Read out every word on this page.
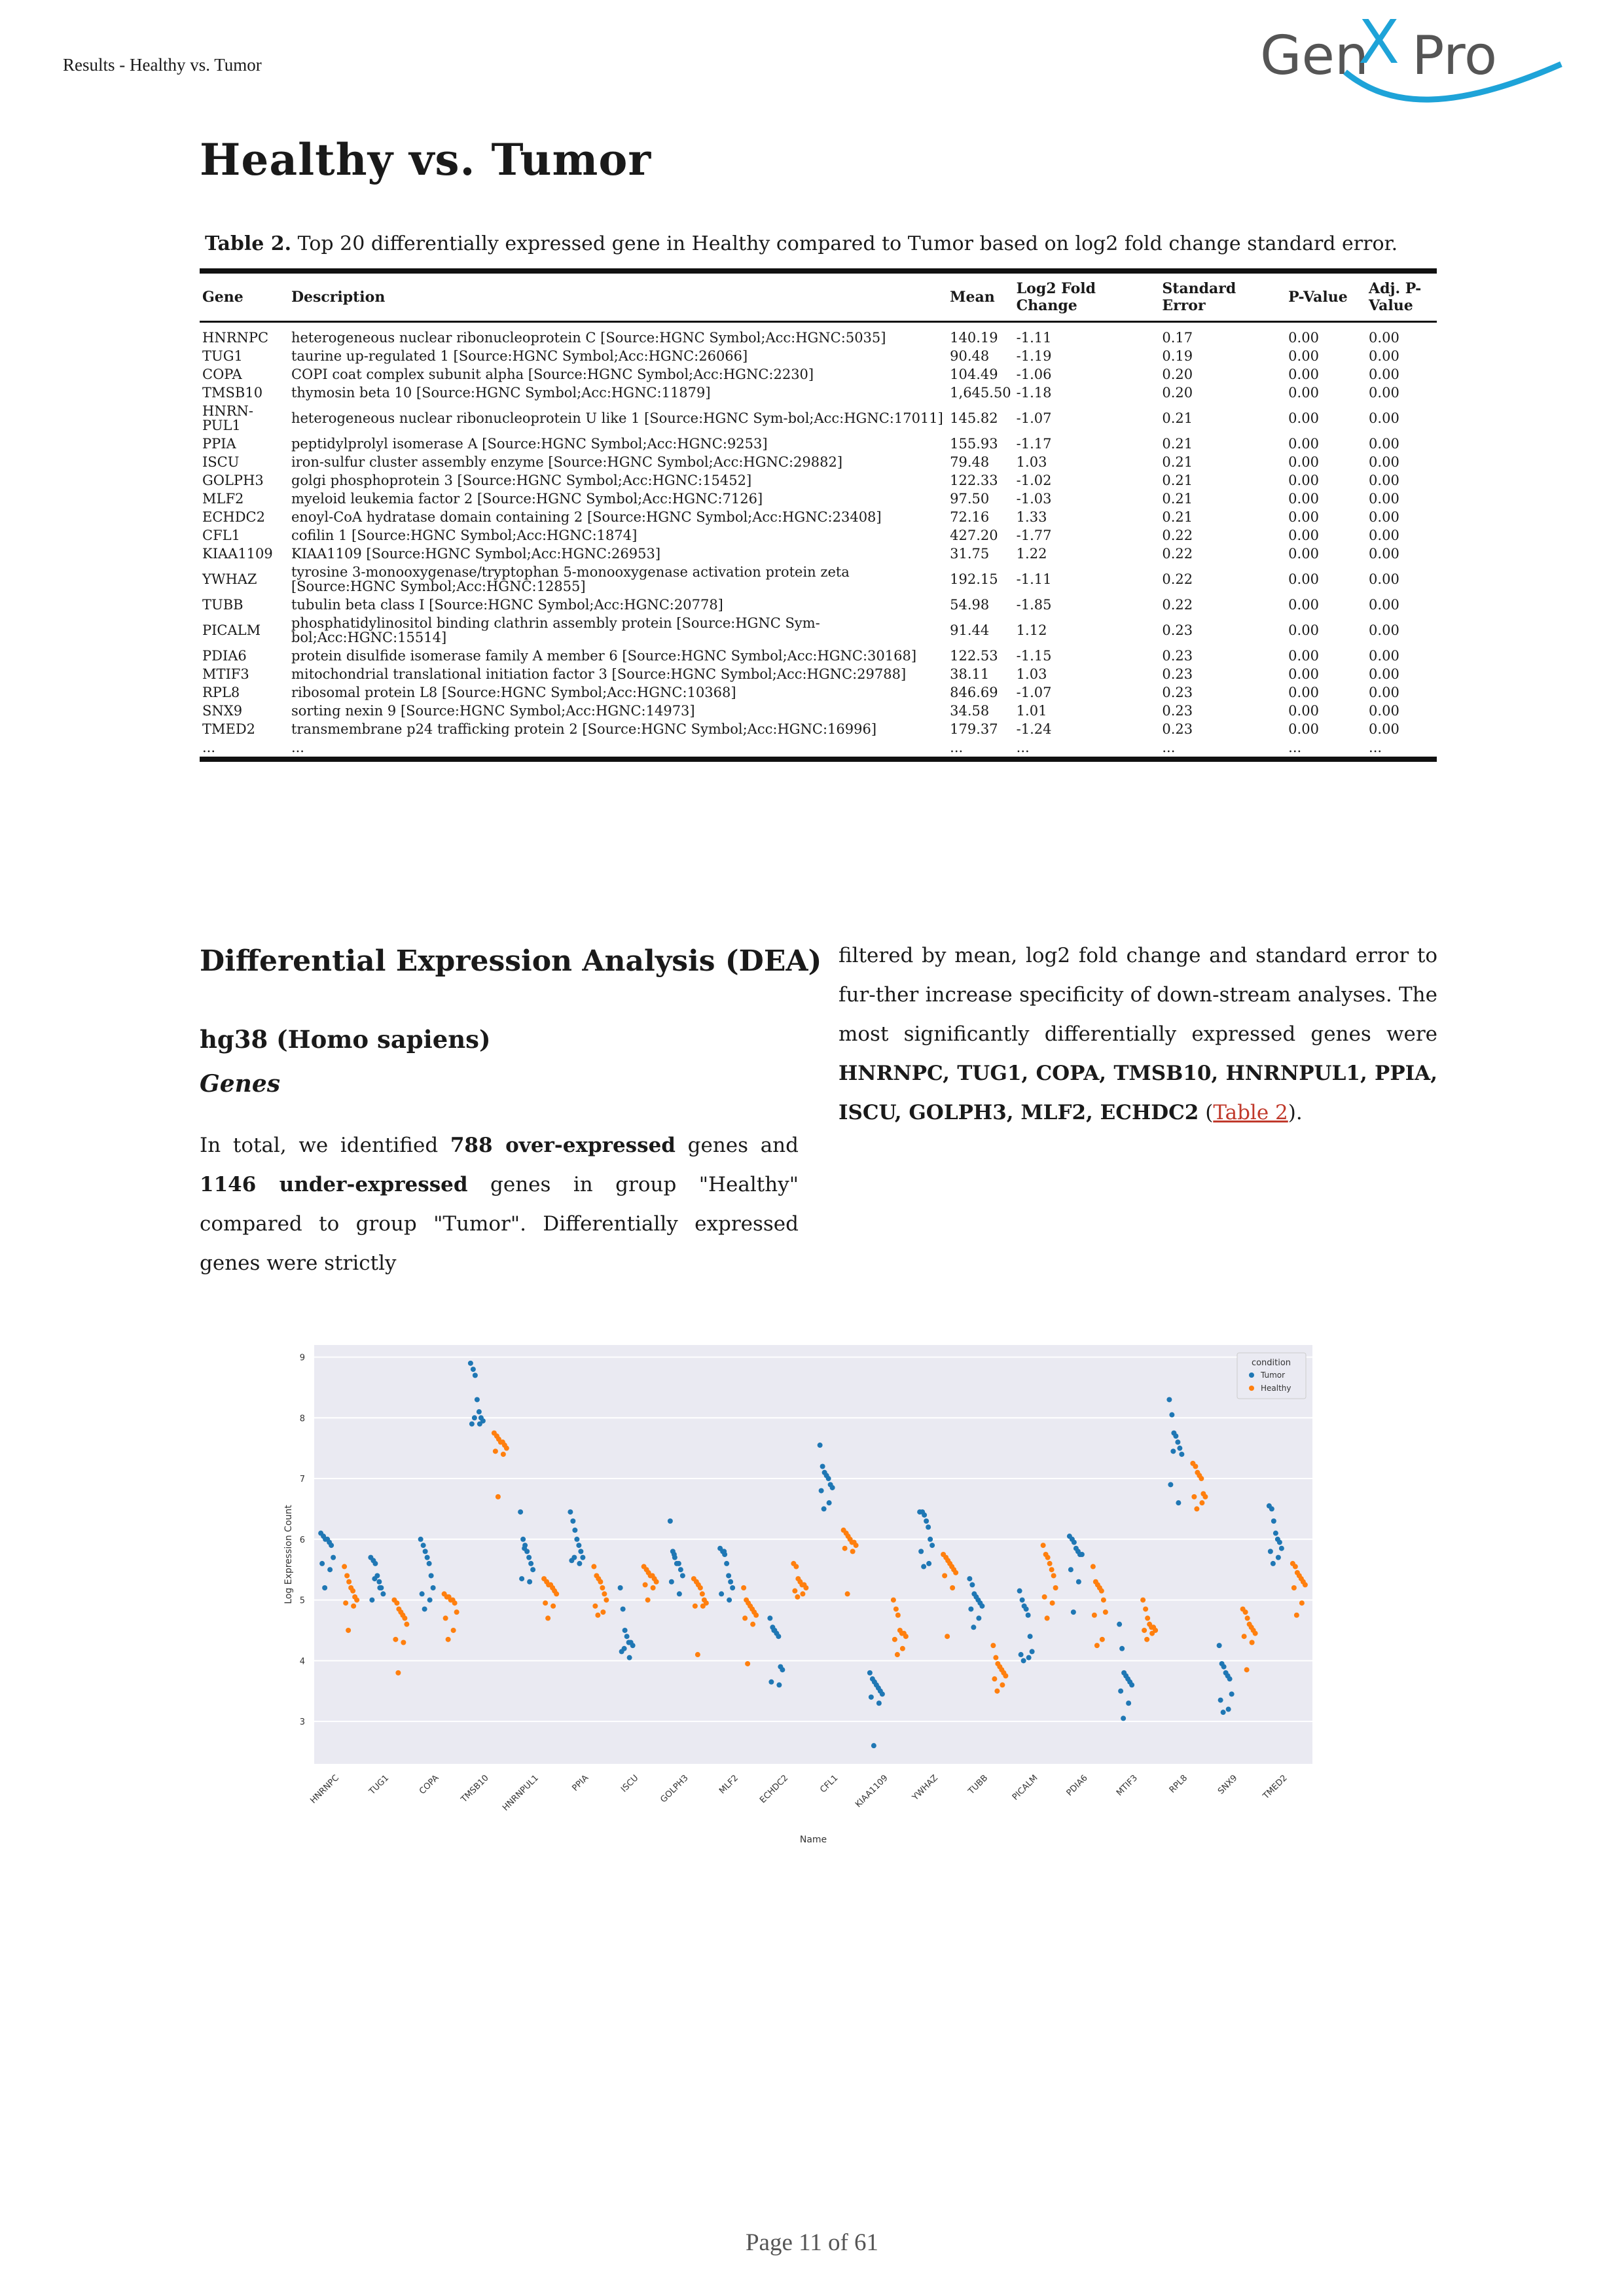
Results - Healthy vs. Tumor	Gen
X Pro
Healthy vs. Tumor
Table 2. Top 20 differentially expressed gene in Healthy compared to Tumor based on log2 fold change standard error.
Gene	Description	Mean	Log2 Fold Change	Standard Error	P-Value	Adj. P-Value
HNRNPC	heterogeneous nuclear ribonucleoprotein C [Source:HGNC Symbol;Acc:HGNC:5035]	140.19	-1.11	0.17	0.00	0.00
TUG1	taurine up-regulated 1 [Source:HGNC Symbol;Acc:HGNC:26066]	90.48	-1.19	0.19	0.00	0.00
COPA	COPI coat complex subunit alpha [Source:HGNC Symbol;Acc:HGNC:2230]	104.49	-1.06	0.20	0.00	0.00
TMSB10	thymosin beta 10 [Source:HGNC Symbol;Acc:HGNC:11879]	1,645.50	-1.18	0.20	0.00	0.00
HNRN-PUL1	heterogeneous nuclear ribonucleoprotein U like 1 [Source:HGNC Sym-bol;Acc:HGNC:17011]	145.82	-1.07	0.21	0.00	0.00
PPIA	peptidylprolyl isomerase A [Source:HGNC Symbol;Acc:HGNC:9253]	155.93	-1.17	0.21	0.00	0.00
ISCU	iron-sulfur cluster assembly enzyme [Source:HGNC Symbol;Acc:HGNC:29882]	79.48	1.03	0.21	0.00	0.00
GOLPH3	golgi phosphoprotein 3 [Source:HGNC Symbol;Acc:HGNC:15452]	122.33	-1.02	0.21	0.00	0.00
MLF2	myeloid leukemia factor 2 [Source:HGNC Symbol;Acc:HGNC:7126]	97.50	-1.03	0.21	0.00	0.00
ECHDC2	enoyl-CoA hydratase domain containing 2 [Source:HGNC Symbol;Acc:HGNC:23408]	72.16	1.33	0.21	0.00	0.00
CFL1	cofilin 1 [Source:HGNC Symbol;Acc:HGNC:1874]	427.20	-1.77	0.22	0.00	0.00
KIAA1109	KIAA1109 [Source:HGNC Symbol;Acc:HGNC:26953]	31.75	1.22	0.22	0.00	0.00
YWHAZ	tyrosine 3-monooxygenase/tryptophan 5-monooxygenase activation protein zeta [Source:HGNC Symbol;Acc:HGNC:12855]	192.15	-1.11	0.22	0.00	0.00
TUBB	tubulin beta class I [Source:HGNC Symbol;Acc:HGNC:20778]	54.98	-1.85	0.22	0.00	0.00
PICALM	phosphatidylinositol binding clathrin assembly protein [Source:HGNC Sym-bol;Acc:HGNC:15514]	91.44	1.12	0.23	0.00	0.00
PDIA6	protein disulfide isomerase family A member 6 [Source:HGNC Symbol;Acc:HGNC:30168]	122.53	-1.15	0.23	0.00	0.00
MTIF3	mitochondrial translational initiation factor 3 [Source:HGNC Symbol;Acc:HGNC:29788]	38.11	1.03	0.23	0.00	0.00
RPL8	ribosomal protein L8 [Source:HGNC Symbol;Acc:HGNC:10368]	846.69	-1.07	0.23	0.00	0.00
SNX9	sorting nexin 9 [Source:HGNC Symbol;Acc:HGNC:14973]	34.58	1.01	0.23	0.00	0.00
TMED2	transmembrane p24 trafficking protein 2 [Source:HGNC Symbol;Acc:HGNC:16996]	179.37	-1.24	0.23	0.00	0.00
...	...	...	...	...	...	...
Differential Expression Analysis (DEA)
hg38 (Homo sapiens)
Genes

In total, we identified 788 over-expressed genes and 1146 under-expressed genes in group "Healthy" compared to group "Tumor". Differentially expressed genes were strictly

filtered by mean, log2 fold change and standard error to fur-ther increase specificity of down-stream analyses. The most significantly differentially expressed genes were HNRNPC, TUG1, COPA, TMSB10, HNRNPUL1, PPIA, ISCU, GOLPH3, MLF2, ECHDC2 (Table 2).

3
4
5
6
7
8
9
HNRNPC	TUG1	COPA TMSB10 HNRNPUL1	PPIA	ISCU GOLPH3	MLF2 ECHDC2	CFL1 KIAA1109 YWHAZ	TUBB PICALM	PDIA6	MTIF3	RPL8	SNX9	TMED2
Name
Log Expression Count
condition
Tumor
Healthy
Page 11 of 61
